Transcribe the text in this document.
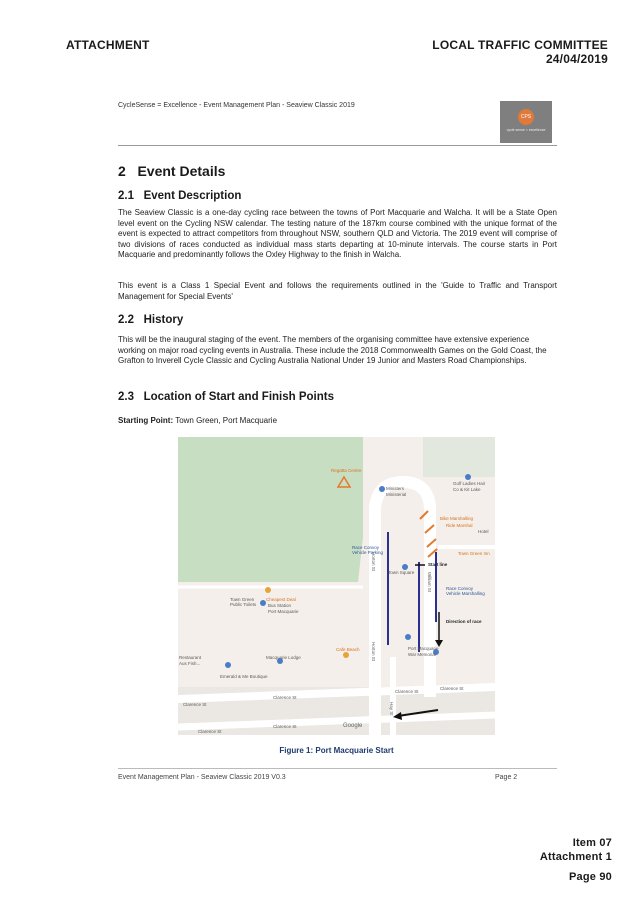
ATTACHMENT	LOCAL TRAFFIC COMMITTEE
24/04/2019
CycleSense = Excellence - Event Management Plan - Seaview Classic 2019
CPS
cycle sense = excellence
2 Event Details
2.1 Event Description
The Seaview Classic is a one-day cycling race between the towns of Port Macquarie and Walcha. It will be a State Open level event on the Cycling NSW calendar. The testing nature of the 187km course combined with the unique format of the event is expected to attract competitors from throughout NSW, southern QLD and Victoria. The 2019 event will comprise of two divisions of races conducted as individual mass starts departing at 10-minute intervals. The course starts in Port Macquarie and predominantly follows the Oxley Highway to the finish in Walcha.
This event is a Class 1 Special Event and follows the requirements outlined in the 'Guide to Traffic and Transport Management for Special Events'
2.2 History
This will be the inaugural staging of the event. The members of the organising committee have extensive experience working on major road cycling events in Australia. These include the 2018 Commonwealth Games on the Gold Coast, the Grafton to Inverell Cycle Classic and Cycling Australia National Under 19 Junior and Masters Road Championships.
2.3 Location of Start and Finish Points
Starting Point: Town Green, Port Macquarie
Regatta Centre
Ministers
Ministerial
Golf Ladies Hair
Co & Kit Lake
Bike Marshalling
Ride Marshal
Hotel
Town Green Inn
Race Convoy Vehicle Parking
Start line
Town Square
Race Convoy Vehicle Marshalling
Direction of race
Town Green Public Toilets
Cheapest Deal
Bus Station
Port Macquarie
Cafe Beach
Macquarie Lodge
Port Macquarie
War Memorial
Restaurant
Aus Fish...
Emerald & Me Boutique
Clarence St
Clarence St
Clarence St
Clarence St
Clarence St
Clarence St
Horton St
Horton St
Hay St
William St
Google
Figure 1: Port Macquarie Start
Event Management Plan - Seaview Classic 2019 V0.3	Page 2
Item 07
Attachment 1
Page 90
